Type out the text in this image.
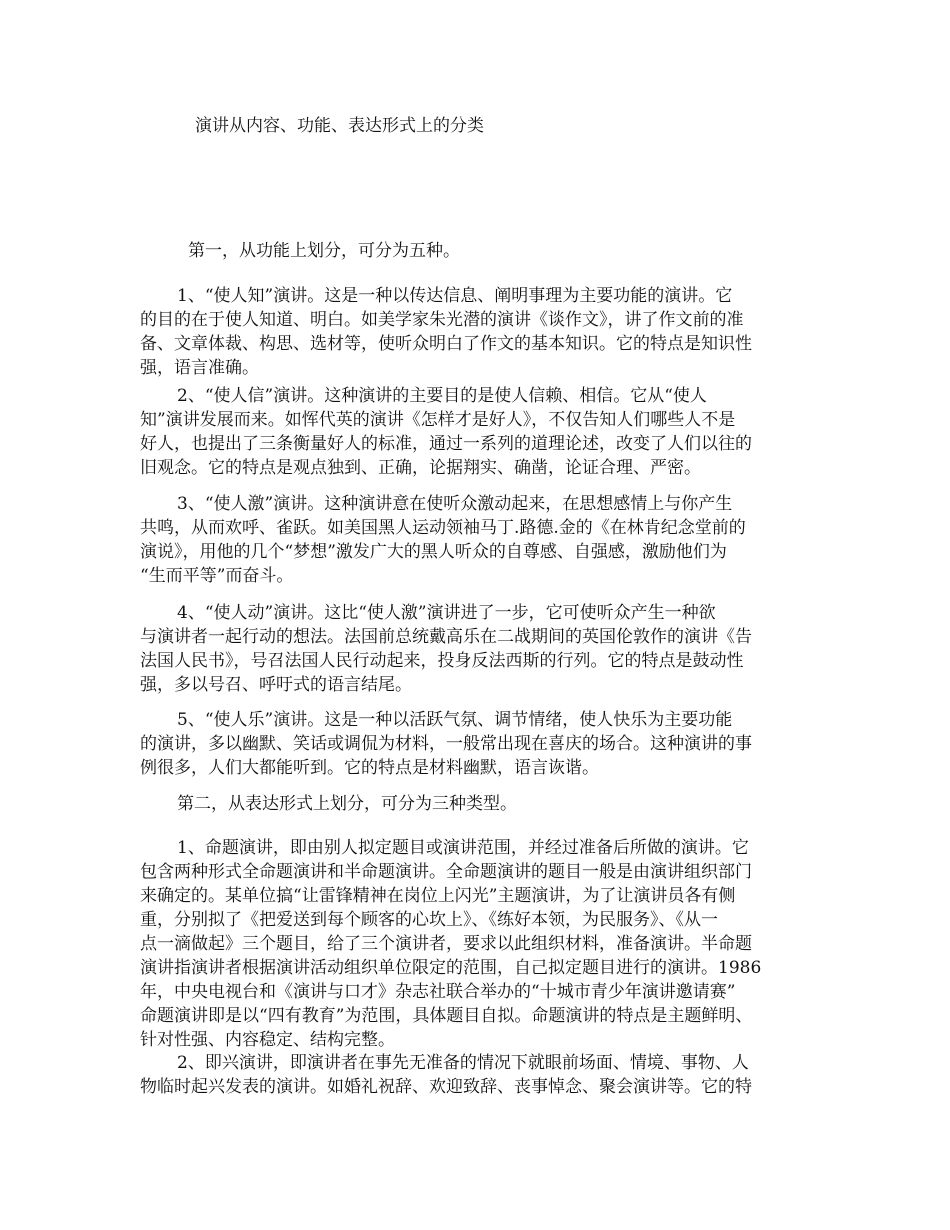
演讲从内容、功能、表达形式上的分类
第一，从功能上划分，可分为五种。
1、“使人知”演讲。这是一种以传达信息、阐明事理为主要功能的演讲。它
的目的在于使人知道、明白。如美学家朱光潜的演讲《谈作文》，讲了作文前的准
备、文章体裁、构思、选材等，使听众明白了作文的基本知识。它的特点是知识性
强，语言准确。
2、“使人信”演讲。这种演讲的主要目的是使人信赖、相信。它从“使人
知”演讲发展而来。如恽代英的演讲《怎样才是好人》，不仅告知人们哪些人不是
好人，也提出了三条衡量好人的标准，通过一系列的道理论述，改变了人们以往的
旧观念。它的特点是观点独到、正确，论据翔实、确凿，论证合理、严密。
3、“使人激”演讲。这种演讲意在使听众激动起来，在思想感情上与你产生
共鸣，从而欢呼、雀跃。如美国黑人运动领袖马丁.路德.金的《在林肯纪念堂前的
演说》，用他的几个“梦想”激发广大的黑人听众的自尊感、自强感，激励他们为
“生而平等”而奋斗。
4、“使人动”演讲。这比“使人激”演讲进了一步，它可使听众产生一种欲
与演讲者一起行动的想法。法国前总统戴高乐在二战期间的英国伦敦作的演讲《告
法国人民书》，号召法国人民行动起来，投身反法西斯的行列。它的特点是鼓动性
强，多以号召、呼吁式的语言结尾。
5、“使人乐”演讲。这是一种以活跃气氛、调节情绪，使人快乐为主要功能
的演讲，多以幽默、笑话或调侃为材料，一般常出现在喜庆的场合。这种演讲的事
例很多，人们大都能听到。它的特点是材料幽默，语言诙谐。
第二，从表达形式上划分，可分为三种类型。
1、命题演讲，即由别人拟定题目或演讲范围，并经过准备后所做的演讲。它
包含两种形式全命题演讲和半命题演讲。全命题演讲的题目一般是由演讲组织部门
来确定的。某单位搞“让雷锋精神在岗位上闪光”主题演讲，为了让演讲员各有侧
重，分别拟了《把爱送到每个顾客的心坎上》、《练好本领，为民服务》、《从一
点一滴做起》三个题目，给了三个演讲者，要求以此组织材料，准备演讲。半命题
演讲指演讲者根据演讲活动组织单位限定的范围，自己拟定题目进行的演讲。1986
年，中央电视台和《演讲与口才》杂志社联合举办的“十城市青少年演讲邀请赛”
命题演讲即是以“四有教育”为范围，具体题目自拟。命题演讲的特点是主题鲜明、
针对性强、内容稳定、结构完整。
2、即兴演讲，即演讲者在事先无准备的情况下就眼前场面、情境、事物、人
物临时起兴发表的演讲。如婚礼祝辞、欢迎致辞、丧事悼念、聚会演讲等。它的特
